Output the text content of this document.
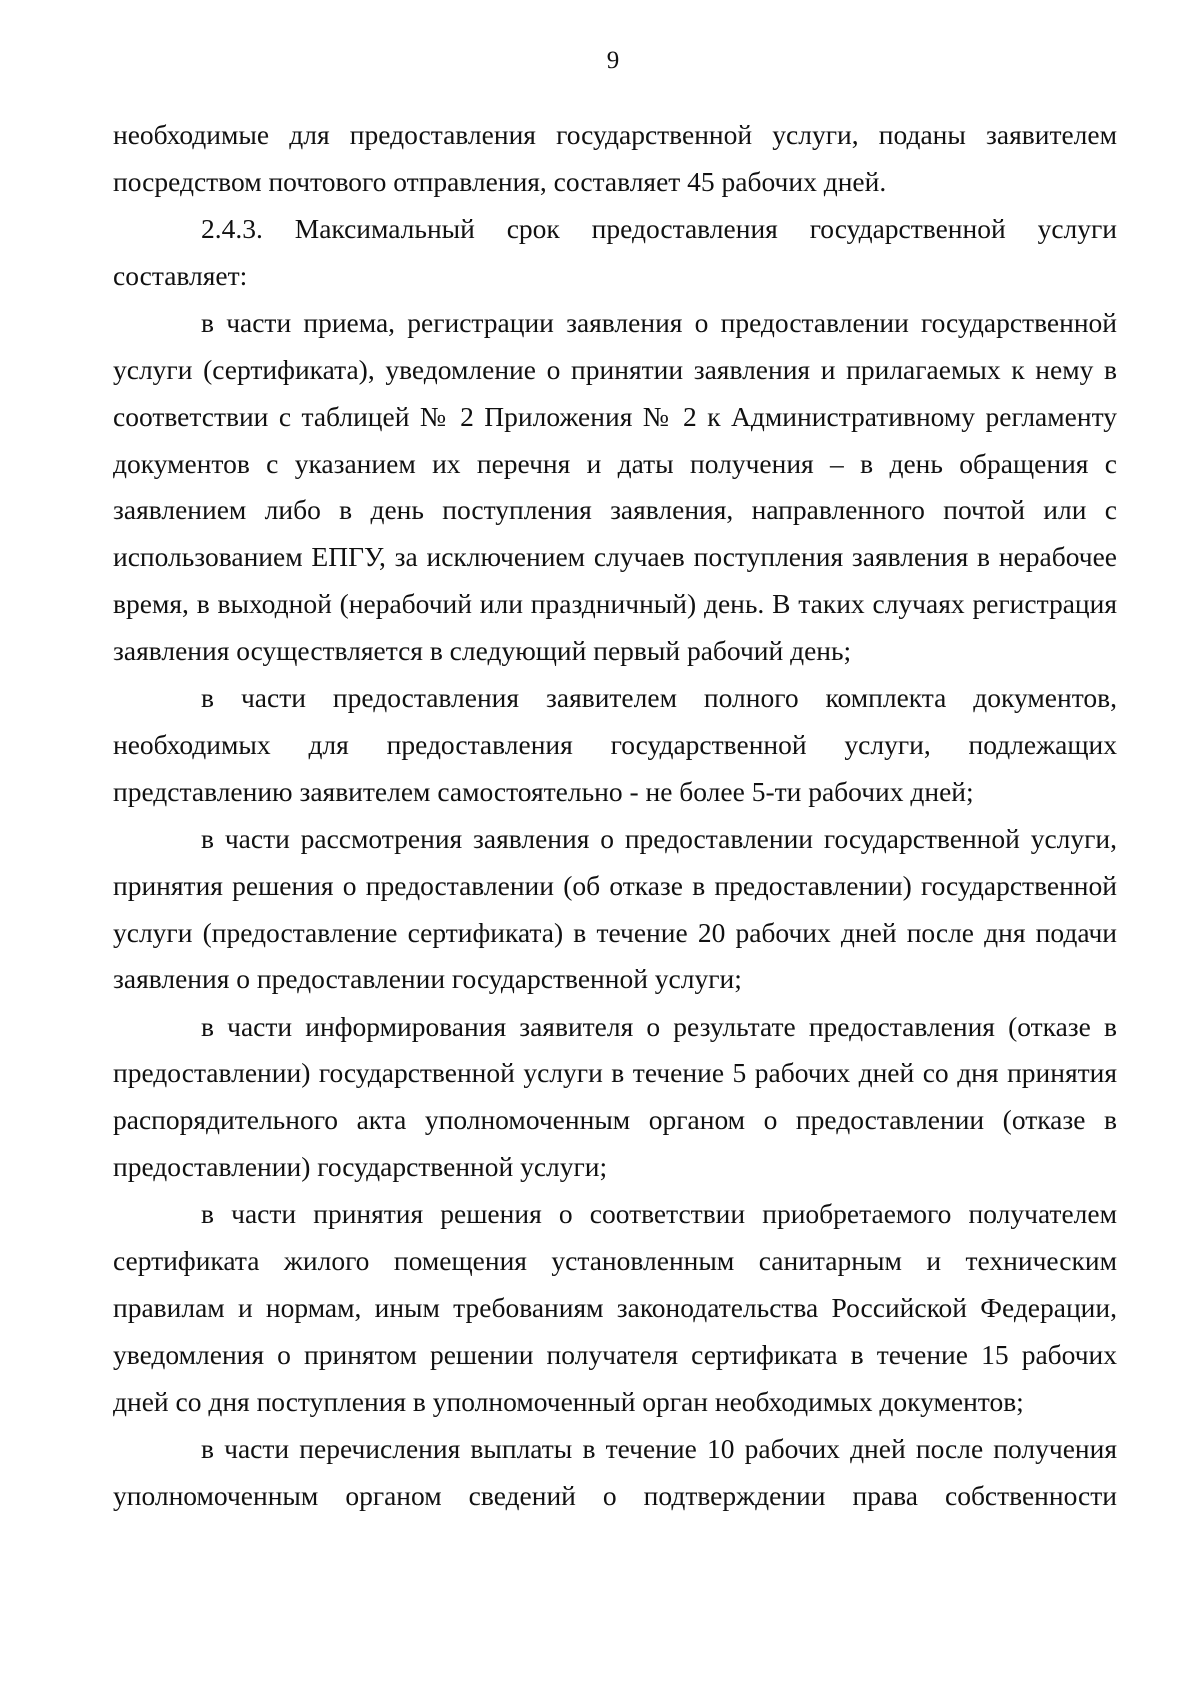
9

необходимые для предоставления государственной услуги, поданы заявителем посредством почтового отправления, составляет 45 рабочих дней.

2.4.3. Максимальный срок предоставления государственной услуги составляет:

в части приема, регистрации заявления о предоставлении государственной услуги (сертификата), уведомление о принятии заявления и прилагаемых к нему в соответствии с таблицей № 2 Приложения № 2 к Административному регламенту документов с указанием их перечня и даты получения – в день обращения с заявлением либо в день поступления заявления, направленного почтой или с использованием ЕПГУ, за исключением случаев поступления заявления в нерабочее время, в выходной (нерабочий или праздничный) день. В таких случаях регистрация заявления осуществляется в следующий первый рабочий день;

в части предоставления заявителем полного комплекта документов, необходимых для предоставления государственной услуги, подлежащих представлению заявителем самостоятельно - не более 5-ти рабочих дней;

в части рассмотрения заявления о предоставлении государственной услуги, принятия решения о предоставлении (об отказе в предоставлении) государственной услуги (предоставление сертификата) в течение 20 рабочих дней после дня подачи заявления о предоставлении государственной услуги;

в части информирования заявителя о результате предоставления (отказе в предоставлении) государственной услуги в течение 5 рабочих дней со дня принятия распорядительного акта уполномоченным органом о предоставлении (отказе в предоставлении) государственной услуги;

в части принятия решения о соответствии приобретаемого получателем сертификата жилого помещения установленным санитарным и техническим правилам и нормам, иным требованиям законодательства Российской Федерации, уведомления о принятом решении получателя сертификата в течение 15 рабочих дней со дня поступления в уполномоченный орган необходимых документов;

в части перечисления выплаты в течение 10 рабочих дней после получения уполномоченным органом сведений о подтверждении права собственности
